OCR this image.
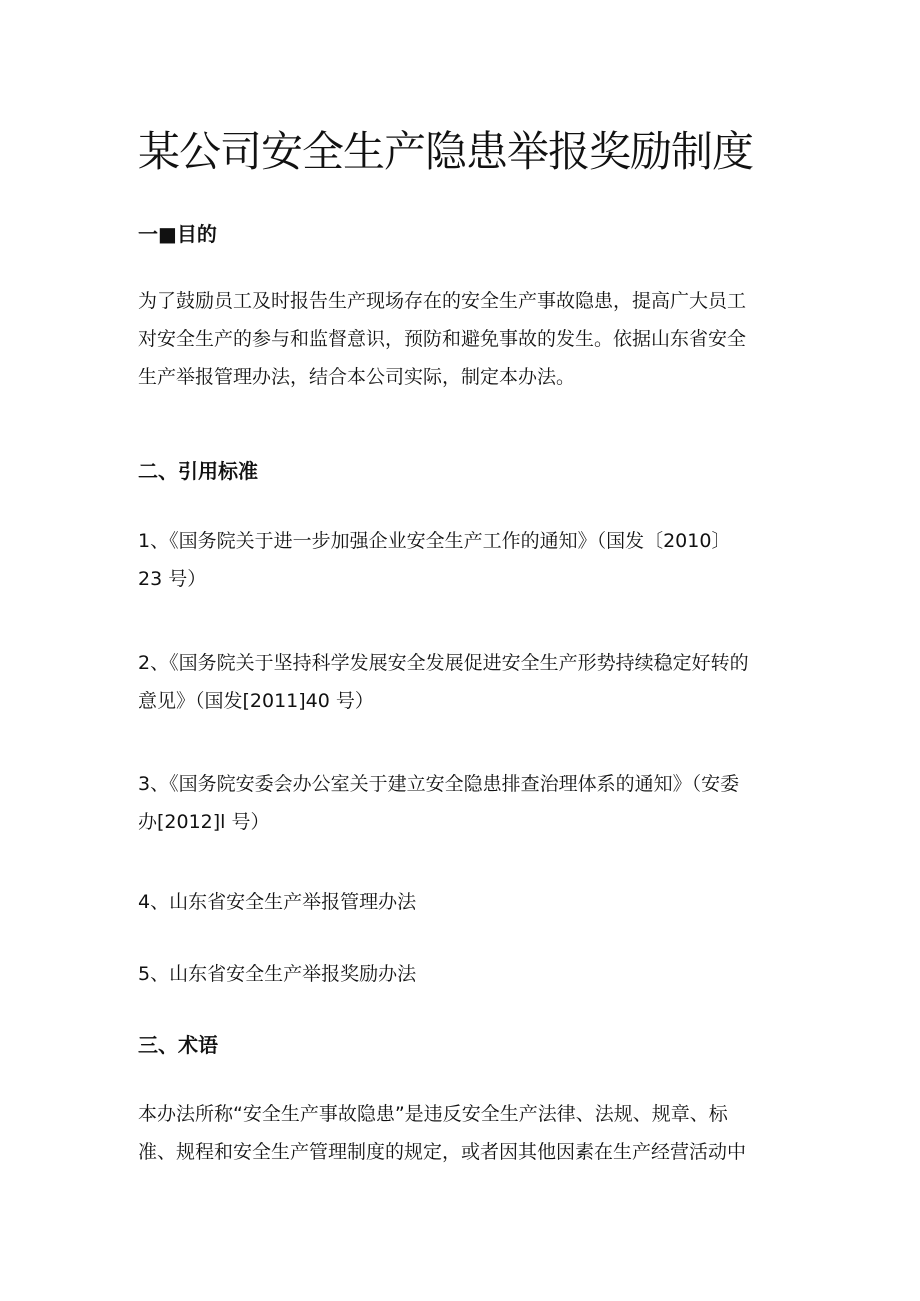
某公司安全生产隐患举报奖励制度
一■目的
为了鼓励员工及时报告生产现场存在的安全生产事故隐患，提高广大员工
对安全生产的参与和监督意识，预防和避免事故的发生。依据山东省安全
生产举报管理办法，结合本公司实际，制定本办法。
二、引用标准
1、《国务院关于进一步加强企业安全生产工作的通知》（国发〔2010〕
23 号）
2、《国务院关于坚持科学发展安全发展促进安全生产形势持续稳定好转的
意见》（国发[2011]40 号）
3、《国务院安委会办公室关于建立安全隐患排查治理体系的通知》（安委
办[2012]l 号）
4、山东省安全生产举报管理办法
5、山东省安全生产举报奖励办法
三、术语
本办法所称“安全生产事故隐患”是违反安全生产法律、法规、规章、标
准、规程和安全生产管理制度的规定，或者因其他因素在生产经营活动中
